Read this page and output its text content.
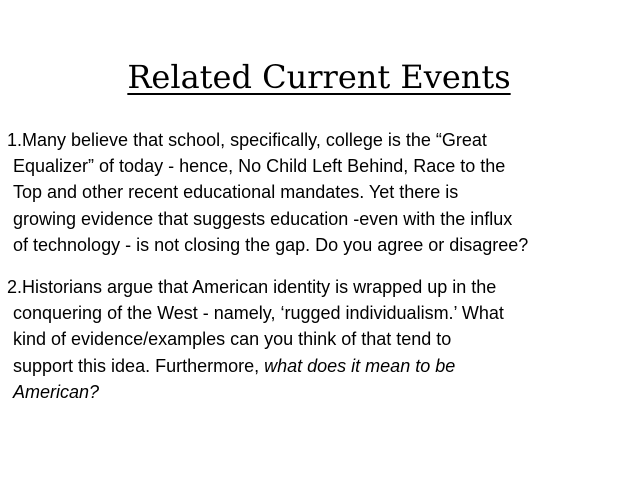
Related Current Events

1.Many believe that school, specifically, college is the “Great
Equalizer” of today - hence, No Child Left Behind, Race to the
Top and other recent educational mandates. Yet there is
growing evidence that suggests education -even with the influx
of technology - is not closing the gap. Do you agree or disagree?

2.Historians argue that American identity is wrapped up in the
conquering of the West - namely, ‘rugged individualism.’ What
kind of evidence/examples can you think of that tend to
support this idea. Furthermore, what does it mean to be
American?
